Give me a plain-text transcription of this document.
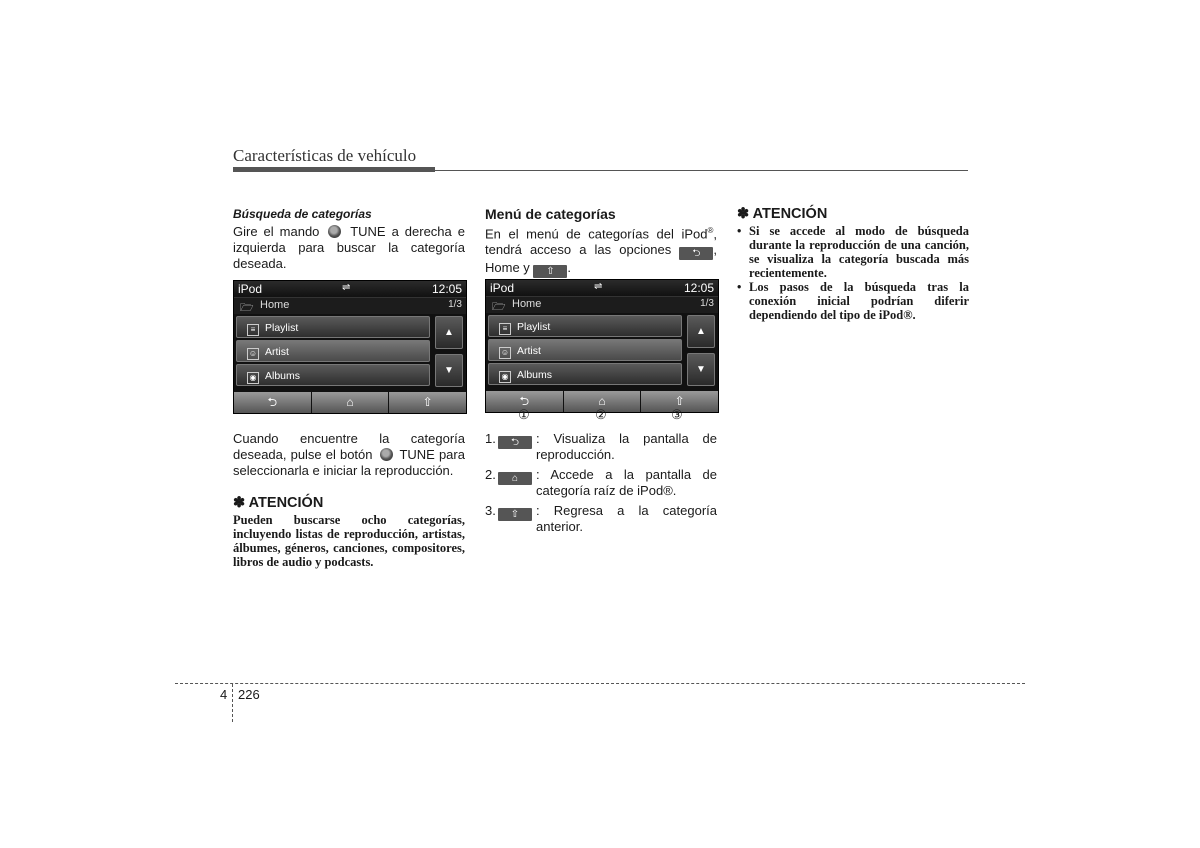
Características de vehículo
Búsqueda de categorías
Gire el mando TUNE a derecha e izquierda para buscar la categoría deseada.
iPod	⇌	12:05
🗁 Home	1/3
≡ Playlist
☺ Artist
◉ Albums
▲
▼
⮌	⌂	⇧
Cuando encuentre la categoría deseada, pulse el botón TUNE para seleccionarla e iniciar la reproducción.
✽ ATENCIÓN
Pueden buscarse ocho categorías, incluyendo listas de reproducción, artistas, álbumes, géneros, canciones, compositores, libros de audio y podcasts.
Menú de categorías
En el menú de categorías del iPod®, tendrá acceso a las opciones ⮌ , Home y ⇧ .
iPod	⇌	12:05
🗁 Home	1/3
≡ Playlist
☺ Artist
◉ Albums
▲
▼
⮌	⌂	⇧
①	②	③
1.	⮌	: Visualiza la pantalla de reproducción.
2.	⌂	: Accede a la pantalla de categoría raíz de iPod®.
3.	⇧	: Regresa a la categoría anterior.
✽ ATENCIÓN
• Si se accede al modo de búsqueda durante la reproducción de una canción, se visualiza la categoría buscada más recientemente.
• Los pasos de la búsqueda tras la conexión inicial podrían diferir dependiendo del tipo de iPod®.
4 226
